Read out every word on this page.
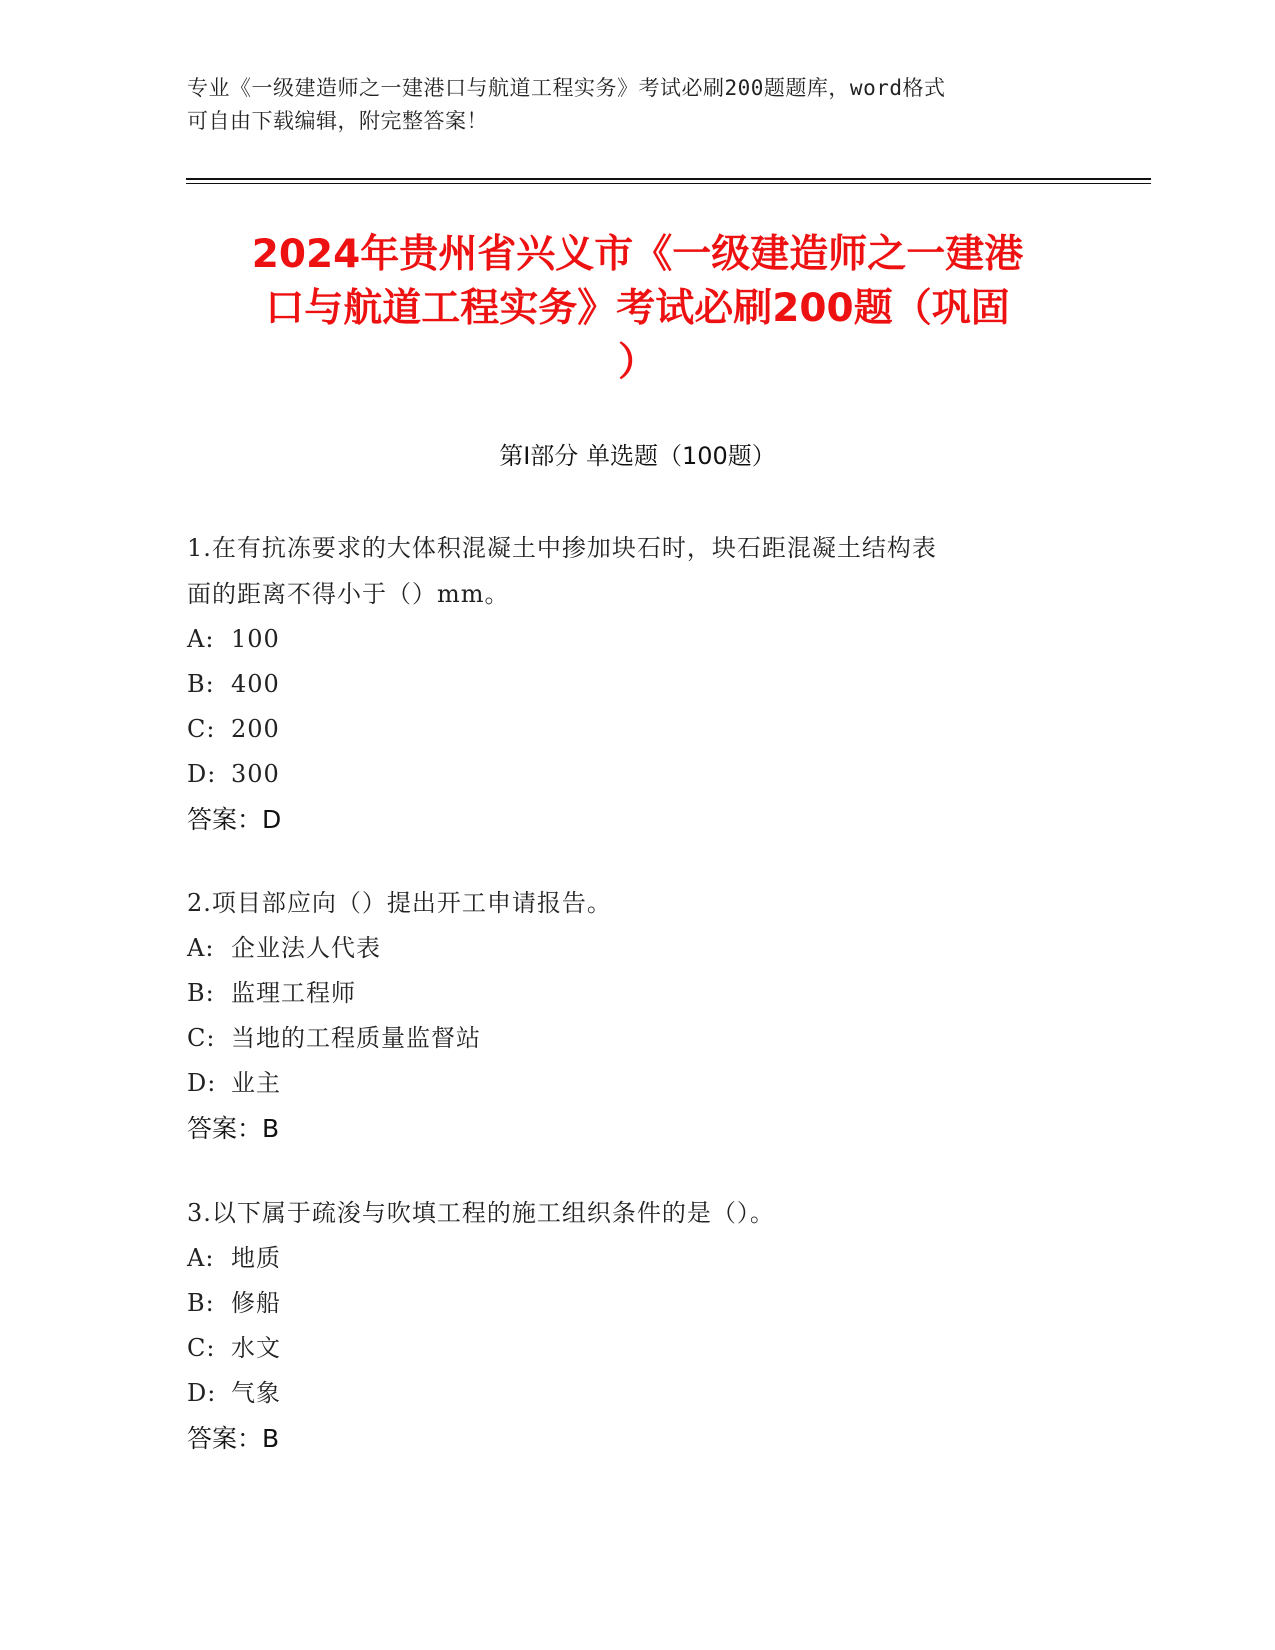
专业《一级建造师之一建港口与航道工程实务》考试必刷200题题库，word格式
可自由下载编辑，附完整答案！
2024年贵州省兴义市《一级建造师之一建港
口与航道工程实务》考试必刷200题（巩固
）
第Ⅰ部分 单选题（100题）
1.在有抗冻要求的大体积混凝土中掺加块石时，块石距混凝土结构表
面的距离不得小于（）mm。
A: 100
B: 400
C: 200
D: 300
答案：D
2.项目部应向（）提出开工申请报告。
A: 企业法人代表
B: 监理工程师
C: 当地的工程质量监督站
D: 业主
答案：B
3.以下属于疏浚与吹填工程的施工组织条件的是（）。
A: 地质
B: 修船
C: 水文
D: 气象
答案：B
